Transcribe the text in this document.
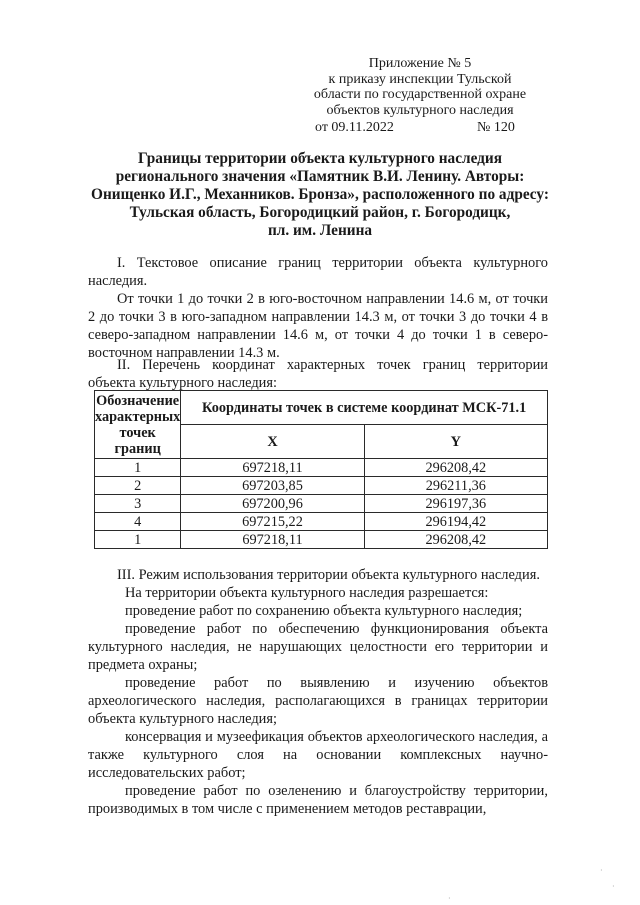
Приложение № 5
к приказу инспекции Тульской
области по государственной охране
объектов культурного наследия
от 09.11.2022	№ 120
Границы территории объекта культурного наследия
регионального значения «Памятник В.И. Ленину. Авторы:
Онищенко И.Г., Механников. Бронза», расположенного по адресу:
Тульская область, Богородицкий район, г. Богородицк,
пл. им. Ленина

I. Текстовое описание границ территории объекта культурного наследия.

От точки 1 до точки 2 в юго-восточном направлении 14.6 м, от точки 2 до точки 3 в юго-западном направлении 14.3 м, от точки 3 до точки 4 в северо-западном направлении 14.6 м, от точки 4 до точки 1 в северо-восточном направлении 14.3 м.

II. Перечень координат характерных точек границ территории объекта культурного наследия:

Обозначение характерных точек границ	Координаты точек в системе координат МСК-71.1	
	X	Y
1	697218,11	296208,42
2	697203,85	296211,36
3	697200,96	296197,36
4	697215,22	296194,42
1	697218,11	296208,42

III. Режим использования территории объекта культурного наследия.

На территории объекта культурного наследия разрешается:

проведение работ по сохранению объекта культурного наследия;

проведение работ по обеспечению функционирования объекта культурного наследия, не нарушающих целостности его территории и предмета охраны;

проведение работ по выявлению и изучению объектов археологического наследия, располагающихся в границах территории объекта культурного наследия;

консервация и музеефикация объектов археологического наследия, а также культурного слоя на основании комплексных научно-исследовательских работ;

проведение работ по озеленению и благоустройству территории, производимых в том числе с применением методов реставрации,

·
·
·
